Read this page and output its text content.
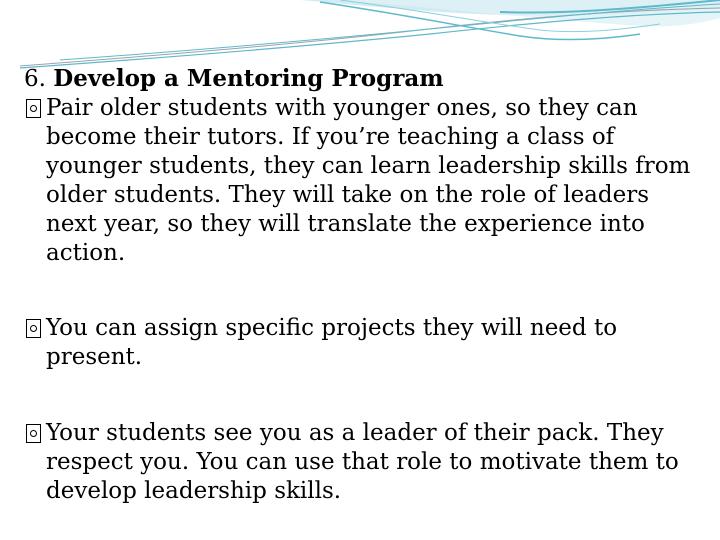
6. Develop a Mentoring Program

Pair older students with younger ones, so they can become their tutors. If you’re teaching a class of younger students, they can learn leadership skills from older students. They will take on the role of leaders next year, so they will translate the experience into action.

You can assign specific projects they will need to present.

Your students see you as a leader of their pack. They respect you. You can use that role to motivate them to develop leadership skills.
